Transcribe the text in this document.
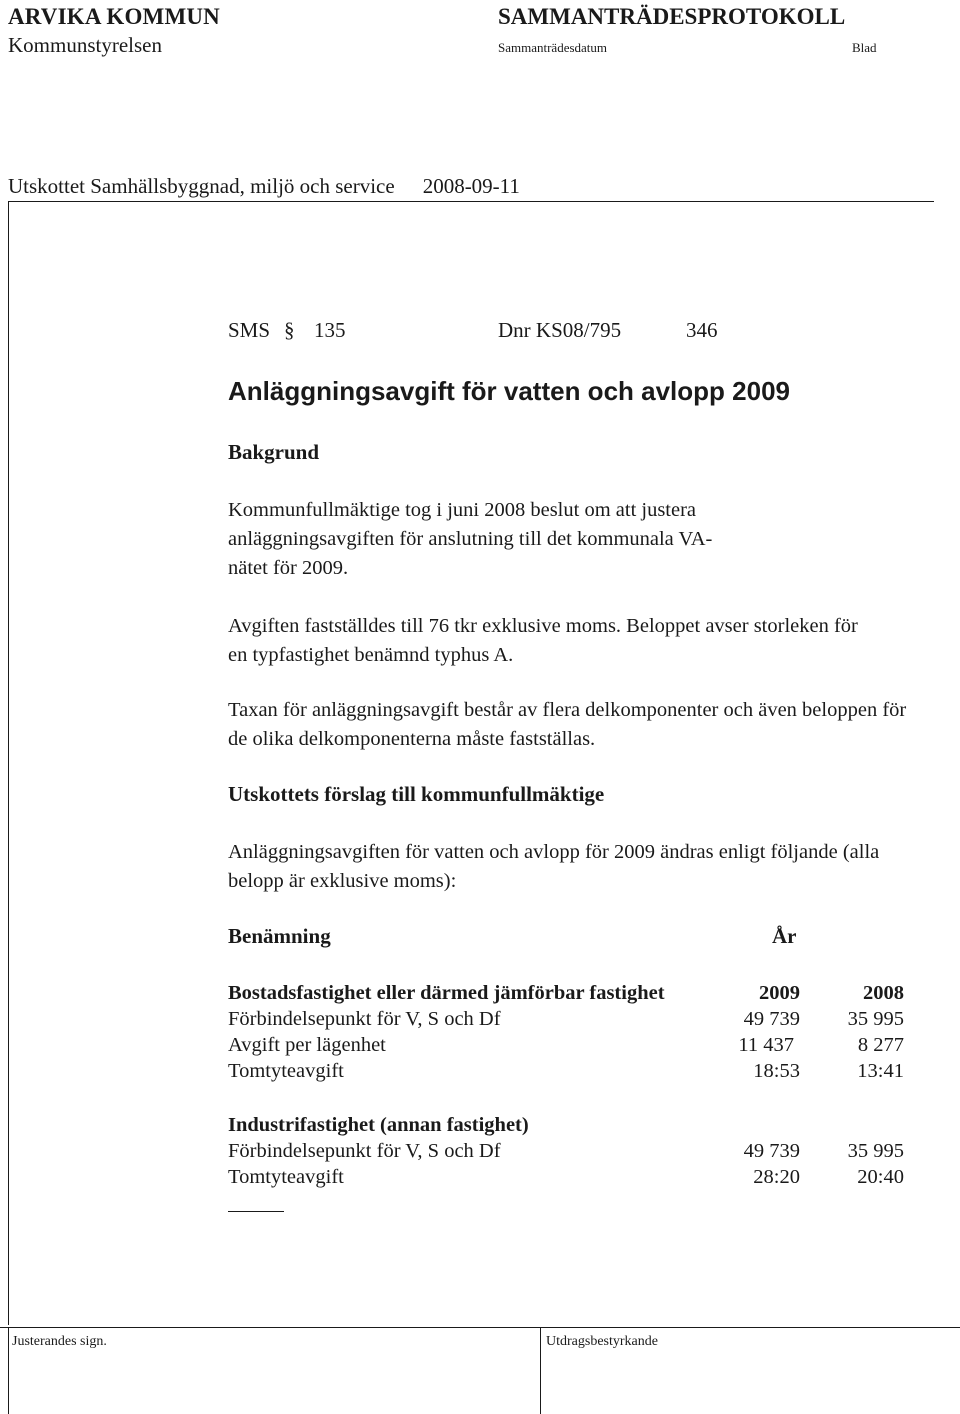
ARVIKA KOMMUN
Kommunstyrelsen
SAMMANTRÄDESPROTOKOLL
Sammanträdesdatum	Blad
Utskottet Samhällsbyggnad, miljö och service 2008-09-11
SMS § 135	Dnr KS08/795	346
Anläggningsavgift för vatten och avlopp 2009
Bakgrund
Kommunfullmäktige tog i juni 2008 beslut om att justera anläggningsavgiften för anslutning till det kommunala VA-nätet för 2009.
Avgiften fastställdes till 76 tkr exklusive moms. Beloppet avser storleken för en typfastighet benämnd typhus A.
Taxan för anläggningsavgift består av flera delkomponenter och även beloppen för de olika delkomponenterna måste fastställas.
Utskottets förslag till kommunfullmäktige
Anläggningsavgiften för vatten och avlopp för 2009 ändras enligt följande (alla belopp är exklusive moms):
Benämning	År
Bostadsfastighet eller därmed jämförbar fastighet	2009	2008
Förbindelsepunkt för V, S och Df	49 739	35 995
Avgift per lägenhet	11 437	8 277
Tomtyteavgift	18:53	13:41
Industrifastighet (annan fastighet)
Förbindelsepunkt för V, S och Df	49 739	35 995
Tomtyteavgift	28:20	20:40
Justerandes sign.	Utdragsbestyrkande
